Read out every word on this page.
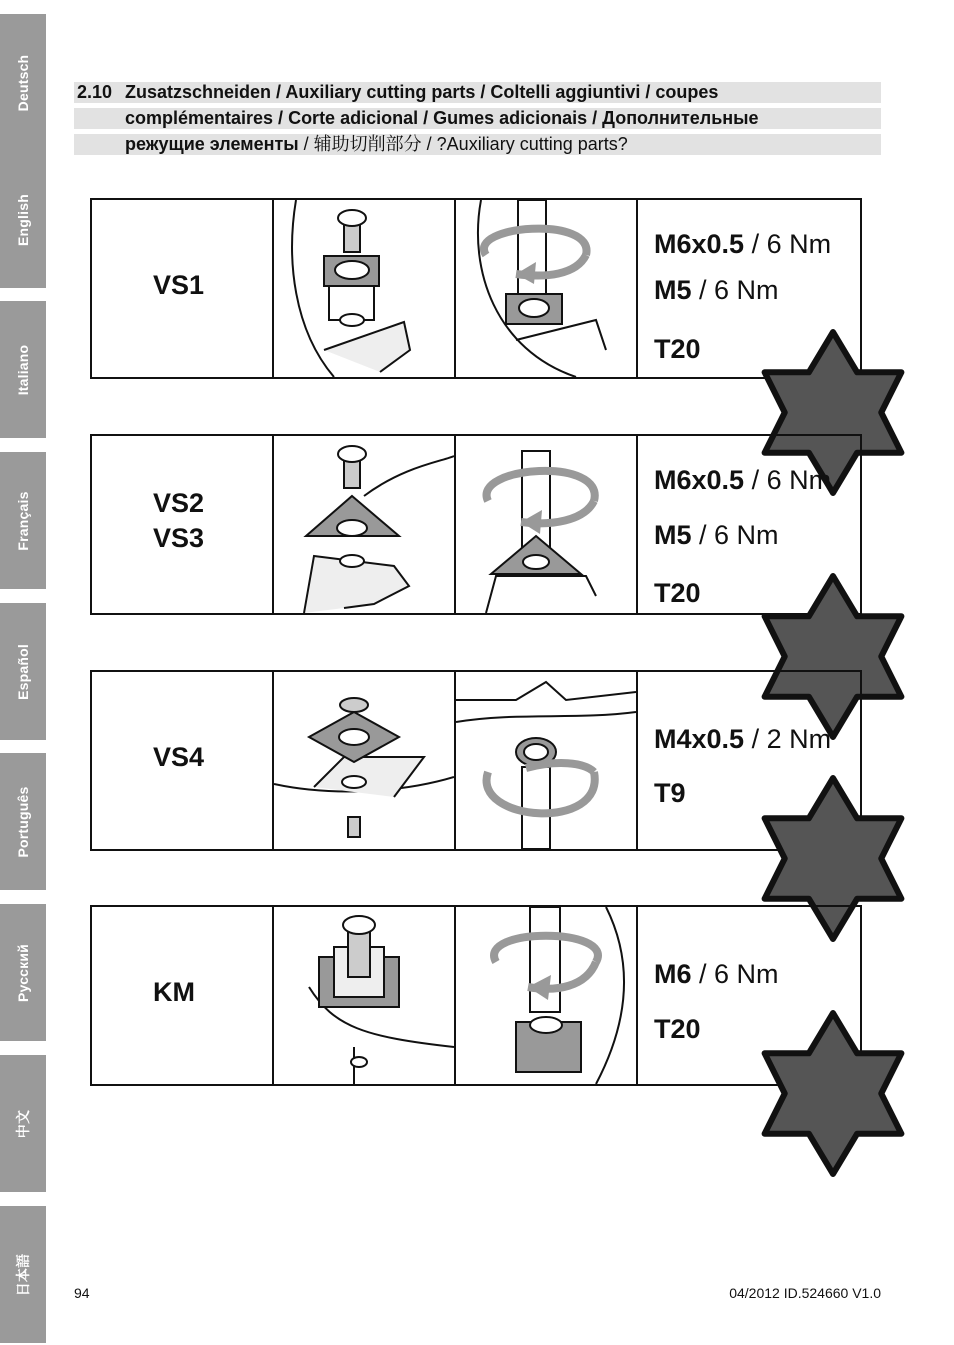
Deutsch
English
Italiano
Français
Español
Português
Русский
中文
日本語
2.10 Zusatzschneiden / Auxiliary cutting parts / Coltelli aggiuntivi / coupes
complémentaires / Corte adicional / Gumes adicionais / Дополнительные
режущие элементы / 辅助切削部分 / ?Auxiliary cutting parts?
VS1
M6x0.5 / 6 Nm
M5 / 6 Nm
T20
VS2
VS3
M6x0.5 / 6 Nm
M5 / 6 Nm
T20
VS4
M4x0.5 / 2 Nm
T9
KM
M6 / 6 Nm
T20
94	04/2012 ID.524660 V1.0
